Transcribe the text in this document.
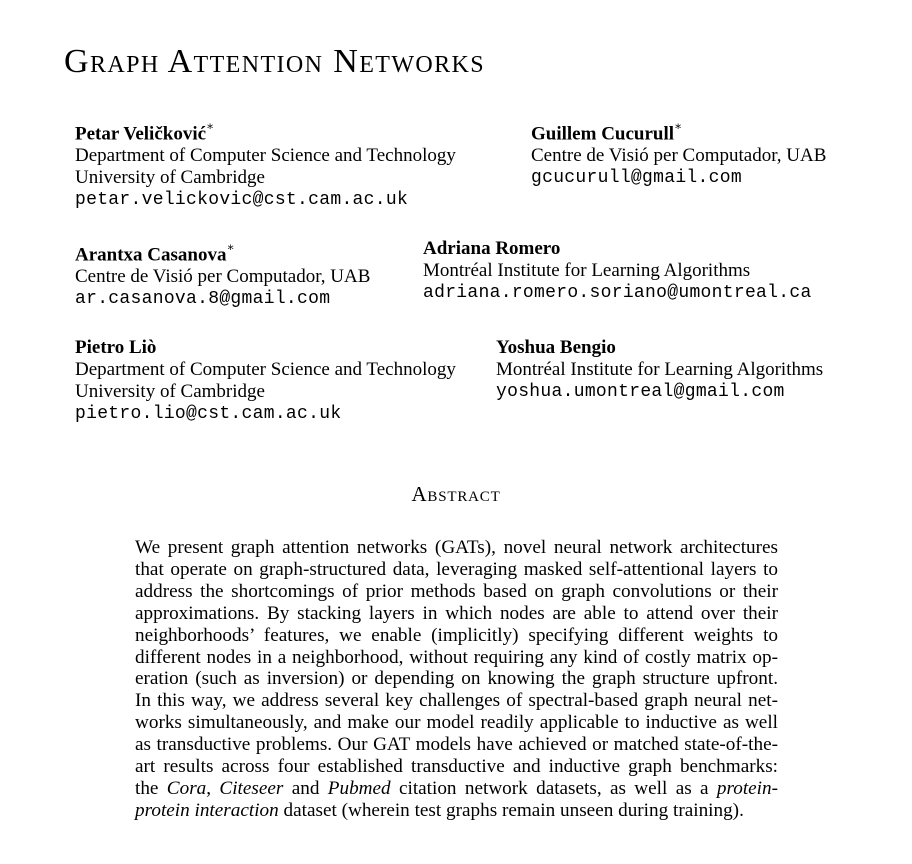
Graph Attention Networks
Petar Veličković∗
Department of Computer Science and Technology
University of Cambridge
petar.velickovic@cst.cam.ac.uk
Guillem Cucurull∗
Centre de Visió per Computador, UAB
gcucurull@gmail.com
Arantxa Casanova∗
Centre de Visió per Computador, UAB
ar.casanova.8@gmail.com
Adriana Romero
Montréal Institute for Learning Algorithms
adriana.romero.soriano@umontreal.ca
Pietro Liò
Department of Computer Science and Technology
University of Cambridge
pietro.lio@cst.cam.ac.uk
Yoshua Bengio
Montréal Institute for Learning Algorithms
yoshua.umontreal@gmail.com
Abstract
We present graph attention networks (GATs), novel neural network architectures
that operate on graph-structured data, leveraging masked self-attentional layers to
address the shortcomings of prior methods based on graph convolutions or their
approximations. By stacking layers in which nodes are able to attend over their
neighborhoods’ features, we enable (implicitly) specifying different weights to
different nodes in a neighborhood, without requiring any kind of costly matrix op-
eration (such as inversion) or depending on knowing the graph structure upfront.
In this way, we address several key challenges of spectral-based graph neural net-
works simultaneously, and make our model readily applicable to inductive as well
as transductive problems. Our GAT models have achieved or matched state-of-the-
art results across four established transductive and inductive graph benchmarks:
the Cora, Citeseer and Pubmed citation network datasets, as well as a protein-
protein interaction dataset (wherein test graphs remain unseen during training).
